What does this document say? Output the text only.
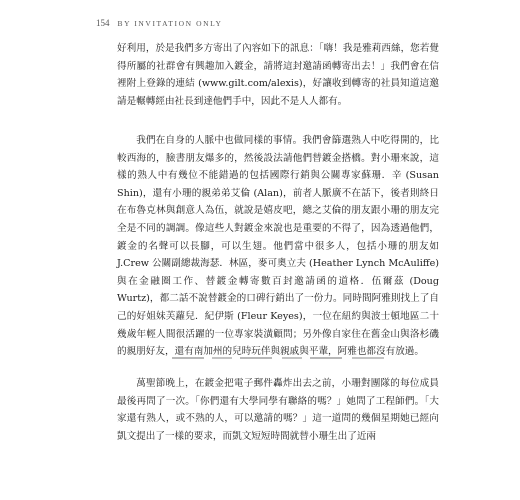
154 BY INVITATION ONLY

好利用，於是我們多方寄出了內容如下的訊息：「嗨！我是雅莉西絲，您若覺得所屬的社群會有興趣加入鍍金，請將這封邀請函轉寄出去！」我們會在信裡附上登錄的連結 (www.gilt.com/alexis)，好讓收到轉寄的社員知道這邀請是輾轉經由社長到達他們手中，因此不是人人都有。

我們在自身的人脈中也做同樣的事情。我們會篩選熟人中吃得開的，比較西海的，臉書朋友爆多的，然後設法請他們替鍍金搭橋。對小珊來說，這樣的熟人中有幾位不能錯過的包括國際行銷與公關專家蘇珊．辛 (Susan Shin)，還有小珊的親弟弟艾倫 (Alan)，前者人脈廣不在話下，後者則終日在布魯克林與創意人為伍，就說是嬉皮吧，總之艾倫的朋友跟小珊的朋友完全是不同的調調。像這些人對鍍金來說也是重要的不得了，因為透過他們，鍍金的名聲可以長腳，可以生翅。他們當中很多人，包括小珊的朋友如 J.Crew 公關副總裁海瑟．林區，麥可奧立夫 (Heather Lynch McAuliffe) 與在金融圈工作、替鍍金轉寄數百封邀請函的道格．伍爾茲 (Doug Wurtz)，都二話不說替鍍金的口碑行銷出了一份力。同時間阿雅則找上了自己的好姐妹芙蘿兒．紀伊斯 (Fleur Keyes)，一位在紐約與波士頓地區二十幾歲年輕人間很活躍的一位專家裝潢顧問；另外像自家住在舊金山與洛杉磯的親朋好友，還有南加州的兒時玩伴與親戚與平輩，阿雅也都沒有放過。

萬聖節晚上，在鍍金把電子郵件轟炸出去之前，小珊對團隊的每位成員最後再問了一次。「你們還有大學同學有聯絡的嗎？」她問了工程師們。「大家還有熟人，或不熟的人，可以邀請的嗎？」這一道問的幾個星期她已經向凱文提出了一樣的要求，而凱文短短時間就替小珊生出了近兩
